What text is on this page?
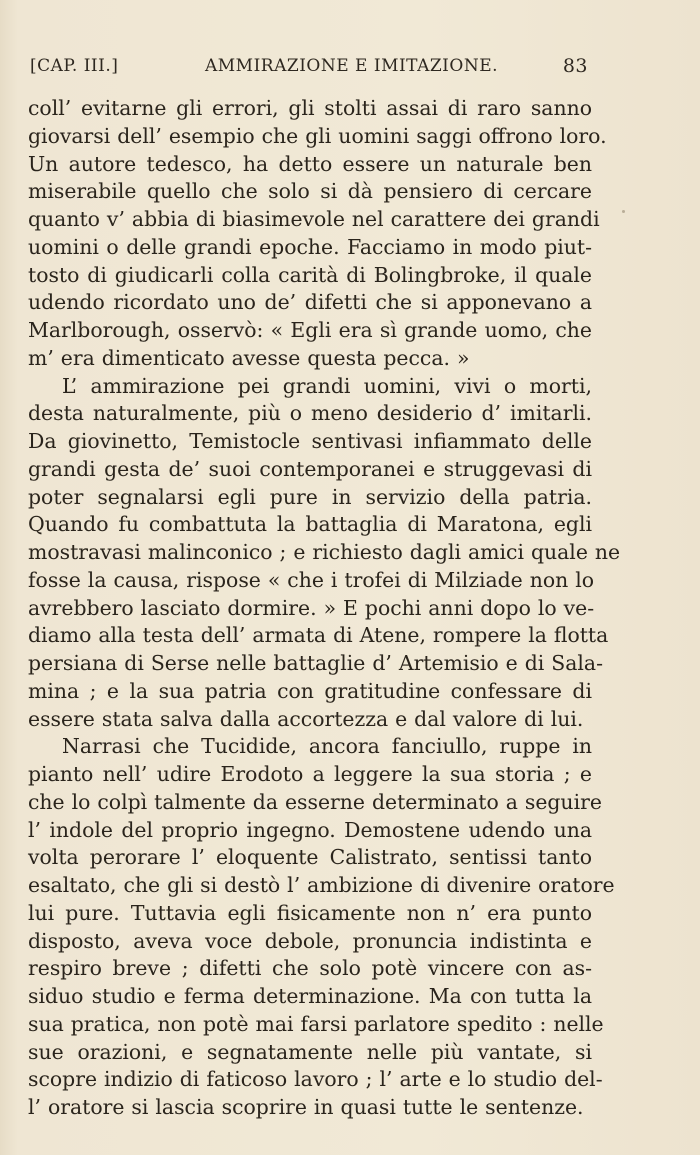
[CAP. III.]	AMMIRAZIONE E IMITAZIONE.	83
coll’ evitarne gli errori, gli stolti assai di raro sanno
giovarsi dell’ esempio che gli uomini saggi offrono loro.
Un autore tedesco, ha detto essere un naturale ben
miserabile quello che solo si dà pensiero di cercare
quanto v’ abbia di biasimevole nel carattere dei grandi
uomini o delle grandi epoche. Facciamo in modo piut-
tosto di giudicarli colla carità di Bolingbroke, il quale
udendo ricordato uno de’ difetti che si apponevano a
Marlborough, osservò: « Egli era sì grande uomo, che
m’ era dimenticato avesse questa pecca. »
L’ ammirazione pei grandi uomini, vivi o morti,
desta naturalmente, più o meno desiderio d’ imitarli.
Da giovinetto, Temistocle sentivasi infiammato delle
grandi gesta de’ suoi contemporanei e struggevasi di
poter segnalarsi egli pure in servizio della patria.
Quando fu combattuta la battaglia di Maratona, egli
mostravasi malinconico ; e richiesto dagli amici quale ne
fosse la causa, rispose « che i trofei di Milziade non lo
avrebbero lasciato dormire. » E pochi anni dopo lo ve-
diamo alla testa dell’ armata di Atene, rompere la flotta
persiana di Serse nelle battaglie d’ Artemisio e di Sala-
mina ; e la sua patria con gratitudine confessare di
essere stata salva dalla accortezza e dal valore di lui.
Narrasi che Tucidide, ancora fanciullo, ruppe in
pianto nell’ udire Erodoto a leggere la sua storia ; e
che lo colpì talmente da esserne determinato a seguire
l’ indole del proprio ingegno. Demostene udendo una
volta perorare l’ eloquente Calistrato, sentissi tanto
esaltato, che gli si destò l’ ambizione di divenire oratore
lui pure. Tuttavia egli fisicamente non n’ era punto
disposto, aveva voce debole, pronuncia indistinta e
respiro breve ; difetti che solo potè vincere con as-
siduo studio e ferma determinazione. Ma con tutta la
sua pratica, non potè mai farsi parlatore spedito : nelle
sue orazioni, e segnatamente nelle più vantate, si
scopre indizio di faticoso lavoro ; l’ arte e lo studio del-
l’ oratore si lascia scoprire in quasi tutte le sentenze.
